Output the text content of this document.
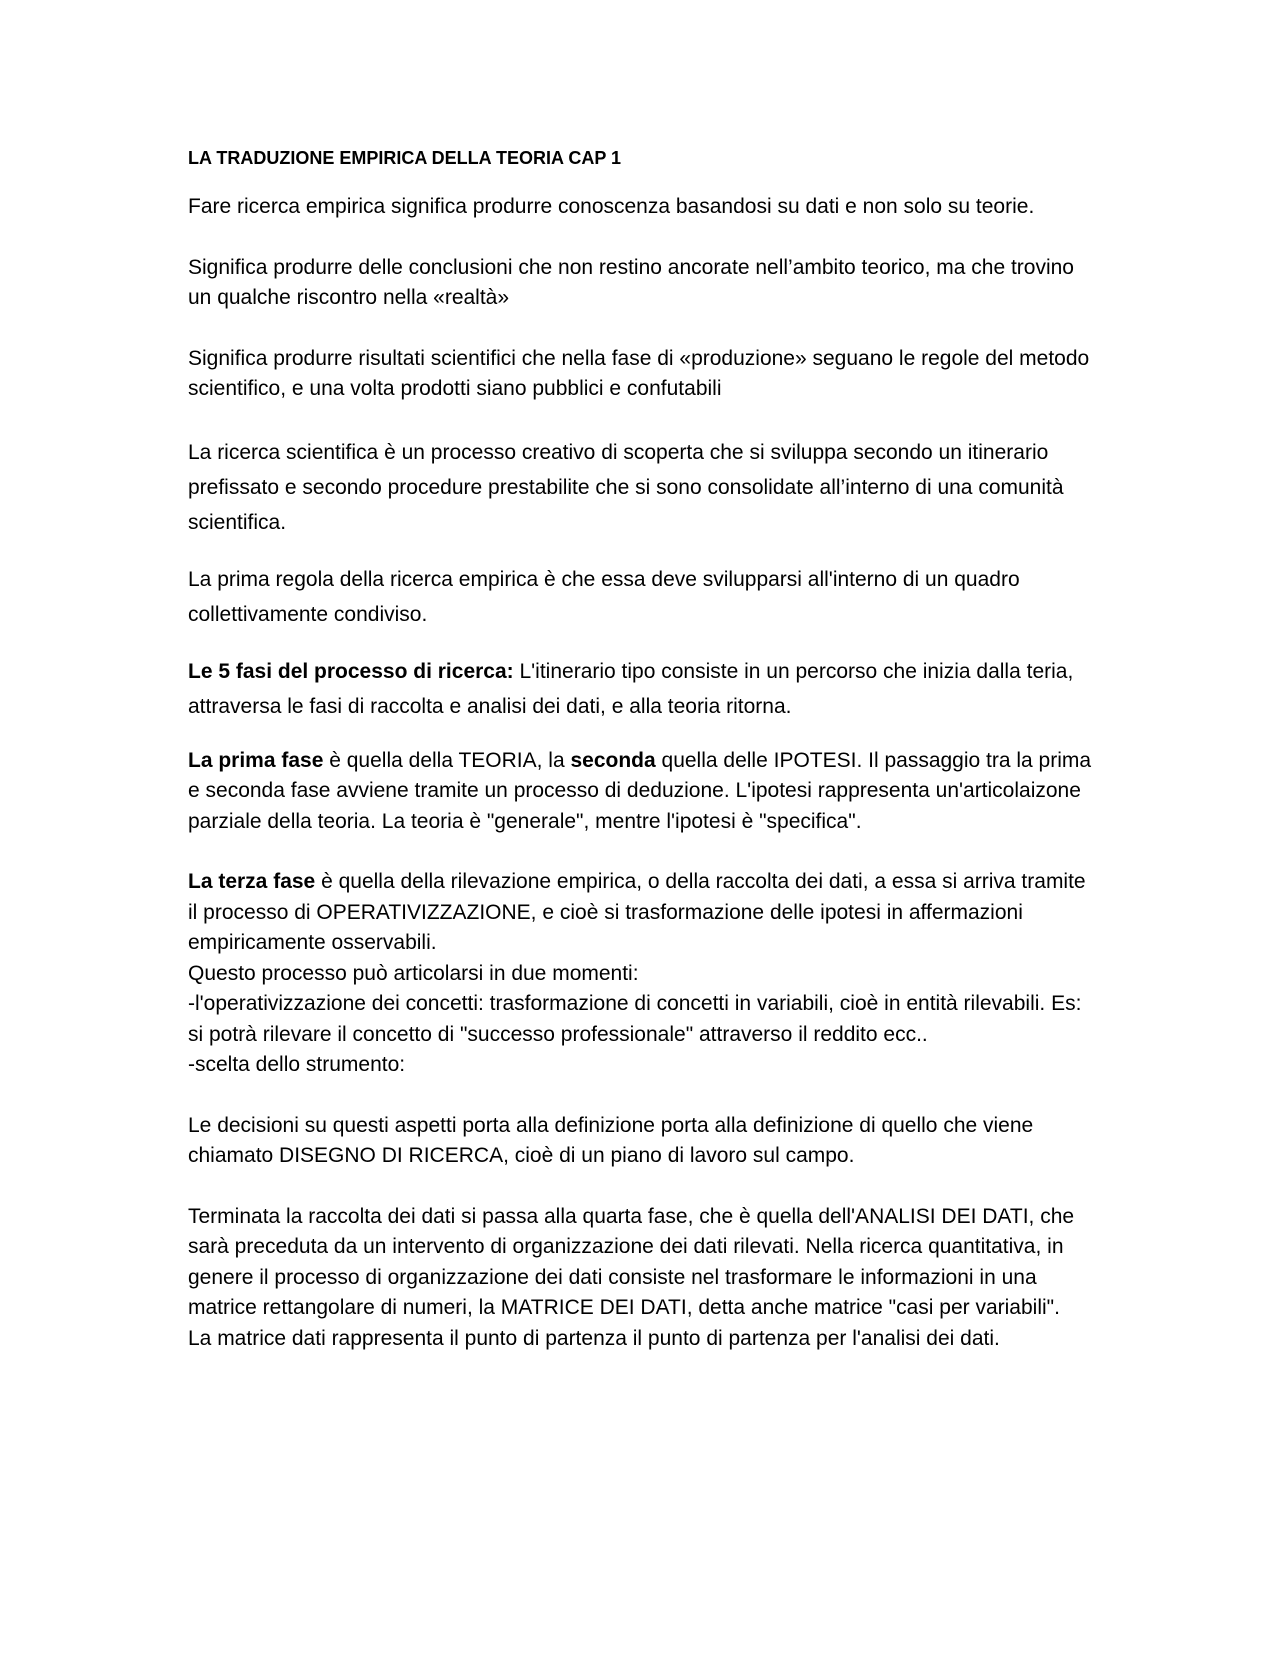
LA TRADUZIONE EMPIRICA DELLA TEORIA CAP 1

Fare ricerca empirica significa produrre conoscenza basandosi su dati e non solo su teorie.

Significa produrre delle conclusioni che non restino ancorate nell’ambito teorico, ma che trovino un qualche riscontro nella «realtà»

Significa produrre risultati scientifici che nella fase di «produzione» seguano le regole del metodo scientifico, e una volta prodotti siano pubblici e confutabili

La ricerca scientifica è un processo creativo di scoperta che si sviluppa secondo un itinerario prefissato e secondo procedure prestabilite che si sono consolidate all’interno di una comunità scientifica.

La prima regola della ricerca empirica è che essa deve svilupparsi all'interno di un quadro collettivamente condiviso.

Le 5 fasi del processo di ricerca: L'itinerario tipo consiste in un percorso che inizia dalla teria, attraversa le fasi di raccolta e analisi dei dati, e alla teoria ritorna.

La prima fase è quella della TEORIA, la seconda quella delle IPOTESI. Il passaggio tra la prima e seconda fase avviene tramite un processo di deduzione. L'ipotesi rappresenta un'articolaizone parziale della teoria. La teoria è "generale", mentre l'ipotesi è "specifica".

La terza fase è quella della rilevazione empirica, o della raccolta dei dati, a essa si arriva tramite il processo di OPERATIVIZZAZIONE, e cioè si trasformazione delle ipotesi in affermazioni empiricamente osservabili.
Questo processo può articolarsi in due momenti:
-l'operativizzazione dei concetti: trasformazione di concetti in variabili, cioè in entità rilevabili. Es: si potrà rilevare il concetto di "successo professionale" attraverso il reddito ecc..
-scelta dello strumento:

Le decisioni su questi aspetti porta alla definizione porta alla definizione di quello che viene chiamato DISEGNO DI RICERCA, cioè di un piano di lavoro sul campo.

Terminata la raccolta dei dati si passa alla quarta fase, che è quella dell'ANALISI DEI DATI, che sarà preceduta da un intervento di organizzazione dei dati rilevati. Nella ricerca quantitativa, in genere il processo di organizzazione dei dati consiste nel trasformare le informazioni in una matrice rettangolare di numeri, la MATRICE DEI DATI, detta anche matrice "casi per variabili".
La matrice dati rappresenta il punto di partenza il punto di partenza per l'analisi dei dati.
